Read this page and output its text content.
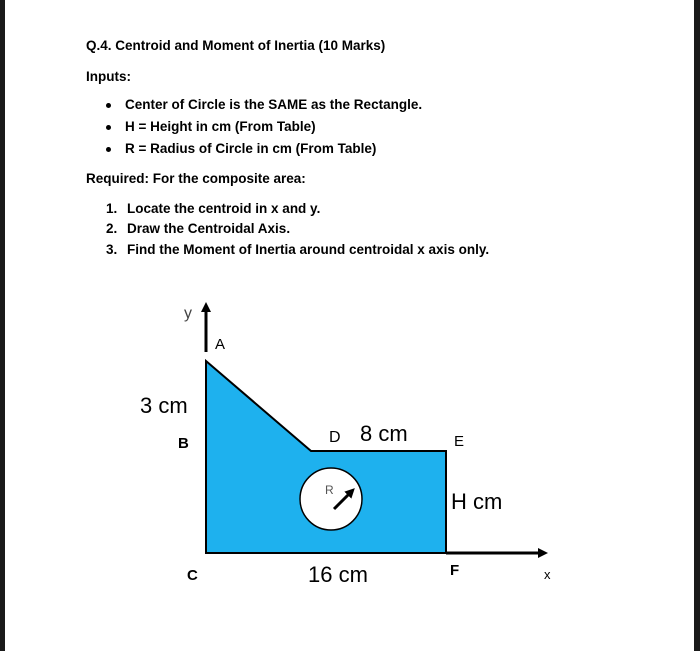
Q.4. Centroid and Moment of Inertia (10 Marks)
Inputs:
Center of Circle is the SAME as the Rectangle.
H = Height in cm (From Table)
R = Radius of Circle in cm (From Table)
Required: For the composite area:
1. Locate the centroid in x and y.
2. Draw the Centroidal Axis.
3. Find the Moment of Inertia around centroidal x axis only.
y
A
3 cm
B	D 8 cm	E
R	H cm
C	16 cm	F	x
